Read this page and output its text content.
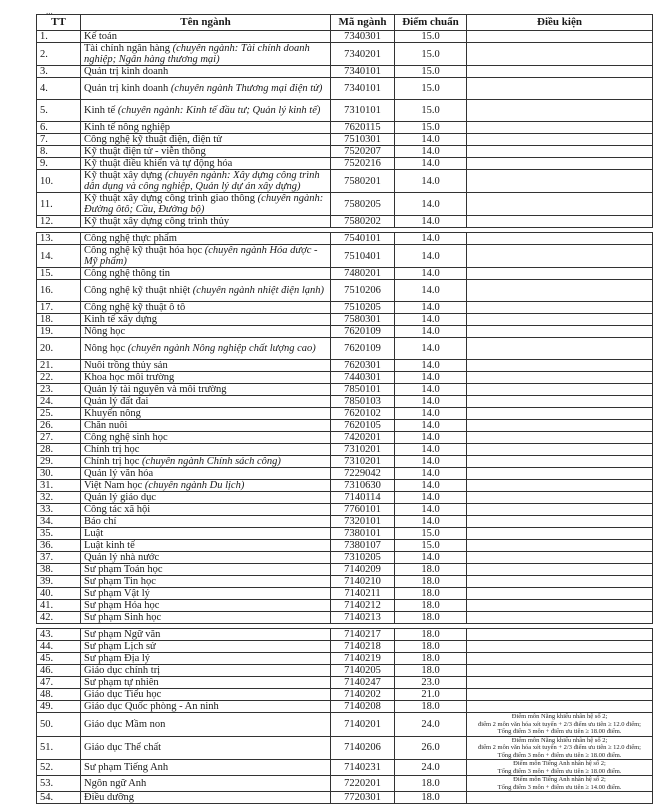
...
TT	Tên ngành	Mã ngành	Điểm chuẩn	Điều kiện
1.	Kế toán	7340301	15.0	
2.	Tài chính ngân hàng (chuyên ngành: Tài chính doanh nghiệp; Ngân hàng thương mại)	7340201	15.0	
3.	Quản trị kinh doanh	7340101	15.0	
4.	Quản trị kinh doanh (chuyên ngành Thương mại điện tử)	7340101	15.0	
5.	Kinh tế (chuyên ngành: Kinh tế đầu tư; Quản lý kinh tế)	7310101	15.0	
6.	Kinh tế nông nghiệp	7620115	15.0	
7.	Công nghệ kỹ thuật điện, điện tử	7510301	14.0	
8.	Kỹ thuật điện tử - viễn thông	7520207	14.0	
9.	Kỹ thuật điều khiển và tự động hóa	7520216	14.0	
10.	Kỹ thuật xây dựng (chuyên ngành: Xây dựng công trình dân dụng và công nghiệp, Quản lý dự án xây dựng)	7580201	14.0	
11.	Kỹ thuật xây dựng công trình giao thông (chuyên ngành: Đường ôtô; Cầu, Đường bộ)	7580205	14.0	
12.	Kỹ thuật xây dựng công trình thủy	7580202	14.0	

13.	Công nghệ thực phẩm	7540101	14.0	
14.	Công nghệ kỹ thuật hóa học (chuyên ngành Hóa dược - Mỹ phẩm)	7510401	14.0	
15.	Công nghệ thông tin	7480201	14.0	
16.	Công nghệ kỹ thuật nhiệt (chuyên ngành nhiệt điện lạnh)	7510206	14.0	
17.	Công nghệ kỹ thuật ô tô	7510205	14.0	
18.	Kinh tế xây dựng	7580301	14.0	
19.	Nông học	7620109	14.0	
20.	Nông học (chuyên ngành Nông nghiệp chất lượng cao)	7620109	14.0	
21.	Nuôi trồng thủy sản	7620301	14.0	
22.	Khoa học môi trường	7440301	14.0	
23.	Quản lý tài nguyên và môi trường	7850101	14.0	
24.	Quản lý đất đai	7850103	14.0	
25.	Khuyến nông	7620102	14.0	
26.	Chăn nuôi	7620105	14.0	
27.	Công nghệ sinh học	7420201	14.0	
28.	Chính trị học	7310201	14.0	
29.	Chính trị học (chuyên ngành Chính sách công)	7310201	14.0	
30.	Quản lý văn hóa	7229042	14.0	
31.	Việt Nam học (chuyên ngành Du lịch)	7310630	14.0	
32.	Quản lý giáo dục	7140114	14.0	
33.	Công tác xã hội	7760101	14.0	
34.	Báo chí	7320101	14.0	
35.	Luật	7380101	15.0	
36.	Luật kinh tế	7380107	15.0	
37.	Quản lý nhà nước	7310205	14.0	
38.	Sư phạm Toán học	7140209	18.0	
39.	Sư phạm Tin học	7140210	18.0	
40.	Sư phạm Vật lý	7140211	18.0	
41.	Sư phạm Hóa học	7140212	18.0	
42.	Sư phạm Sinh học	7140213	18.0	

43.	Sư phạm Ngữ văn	7140217	18.0	
44.	Sư phạm Lịch sử	7140218	18.0	
45.	Sư phạm Địa lý	7140219	18.0	
46.	Giáo dục chính trị	7140205	18.0	
47.	Sư phạm tự nhiên	7140247	23.0	
48.	Giáo dục Tiểu học	7140202	21.0	
49.	Giáo dục Quốc phòng - An ninh	7140208	18.0	
50.	Giáo dục Mầm non	7140201	24.0	Điểm môn Năng khiếu nhân hệ số 2;
điểm 2 môn văn hóa xét tuyển + 2/3 điểm ưu tiên ≥ 12.0 điểm;
Tổng điểm 3 môn + điểm ưu tiên ≥ 18.00 điểm.

51.	Giáo dục Thể chất	7140206	26.0	Điểm môn Năng khiếu nhân hệ số 2;
điểm 2 môn văn hóa xét tuyển + 2/3 điểm ưu tiên ≥ 12.0 điểm;
Tổng điểm 3 môn + điểm ưu tiên ≥ 18.00 điểm.

52.	Sư phạm Tiếng Anh	7140231	24.0	Điểm môn Tiếng Anh nhân hệ số 2;
Tổng điểm 3 môn + điểm ưu tiên ≥ 18.00 điểm.

53.	Ngôn ngữ Anh	7220201	18.0	Điểm môn Tiếng Anh nhân hệ số 2;
Tổng điểm 3 môn + điểm ưu tiên ≥ 14.00 điểm.

54.	Điều dưỡng	7720301	18.0	
